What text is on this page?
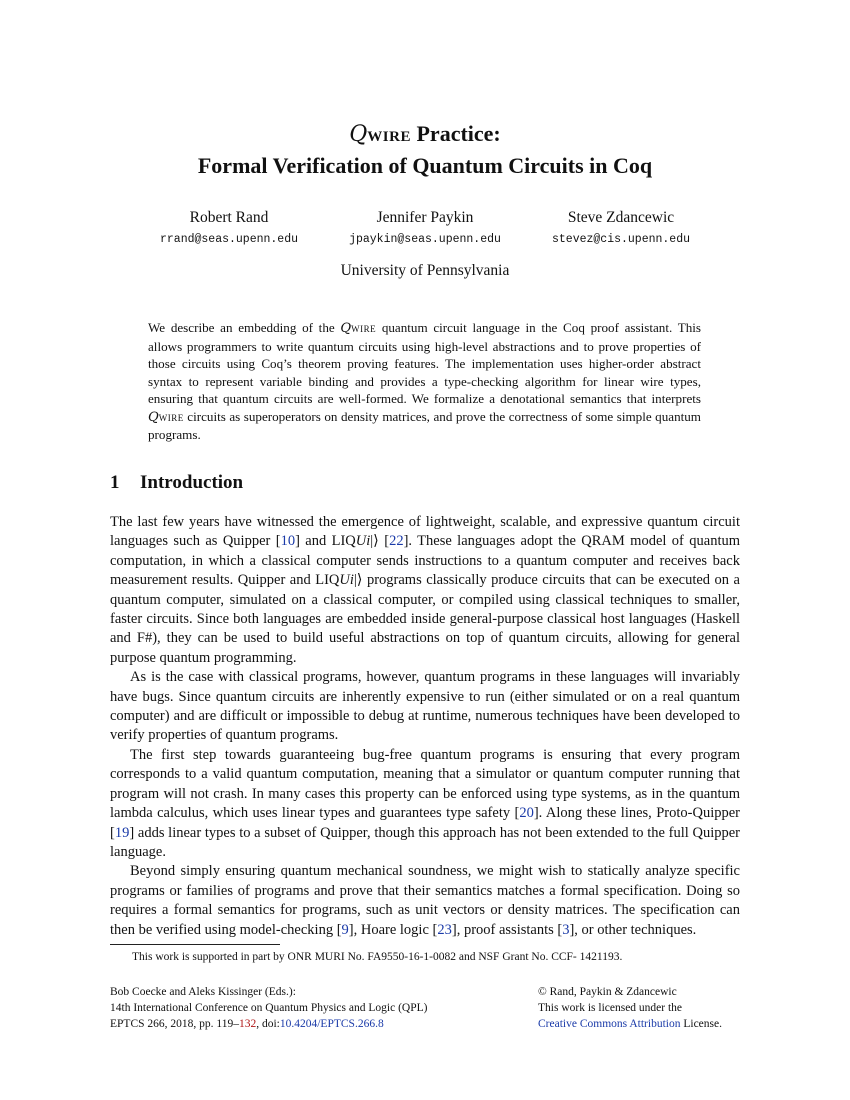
Qwire Practice:
Formal Verification of Quantum Circuits in Coq
Robert Rand
rrand@seas.upenn.edu
Jennifer Paykin
jpaykin@seas.upenn.edu
Steve Zdancewic
stevez@cis.upenn.edu
University of Pennsylvania
We describe an embedding of the Qwire quantum circuit language in the Coq proof assistant. This allows programmers to write quantum circuits using high-level abstractions and to prove properties of those circuits using Coq’s theorem proving features. The implementation uses higher-order abstract syntax to represent variable binding and provides a type-checking algorithm for linear wire types, ensuring that quantum circuits are well-formed. We formalize a denotational semantics that interprets Qwire circuits as superoperators on density matrices, and prove the correctness of some simple quantum programs.
1 Introduction

The last few years have witnessed the emergence of lightweight, scalable, and expressive quantum circuit languages such as Quipper [10] and LIQUi|⟩ [22]. These languages adopt the QRAM model of quantum computation, in which a classical computer sends instructions to a quantum computer and receives back measurement results. Quipper and LIQUi|⟩ programs classically produce circuits that can be executed on a quantum computer, simulated on a classical computer, or compiled using classical techniques to smaller, faster circuits. Since both languages are embedded inside general-purpose classical host languages (Haskell and F#), they can be used to build useful abstractions on top of quantum circuits, allowing for general purpose quantum programming.

As is the case with classical programs, however, quantum programs in these languages will invariably have bugs. Since quantum circuits are inherently expensive to run (either simulated or on a real quantum computer) and are difficult or impossible to debug at runtime, numerous techniques have been developed to verify properties of quantum programs.

The first step towards guaranteeing bug-free quantum programs is ensuring that every program corresponds to a valid quantum computation, meaning that a simulator or quantum computer running that program will not crash. In many cases this property can be enforced using type systems, as in the quantum lambda calculus, which uses linear types and guarantees type safety [20]. Along these lines, Proto-Quipper [19] adds linear types to a subset of Quipper, though this approach has not been extended to the full Quipper language.

Beyond simply ensuring quantum mechanical soundness, we might wish to statically analyze specific programs or families of programs and prove that their semantics matches a formal specification. Doing so requires a formal semantics for programs, such as unit vectors or density matrices. The specification can then be verified using model-checking [9], Hoare logic [23], proof assistants [3], or other techniques.

This work is supported in part by ONR MURI No. FA9550-16-1-0082 and NSF Grant No. CCF- 1421193.
Bob Coecke and Aleks Kissinger (Eds.):
14th International Conference on Quantum Physics and Logic (QPL)
EPTCS 266, 2018, pp. 119–132, doi:10.4204/EPTCS.266.8
© Rand, Paykin & Zdancewic
This work is licensed under the
Creative Commons Attribution License.
